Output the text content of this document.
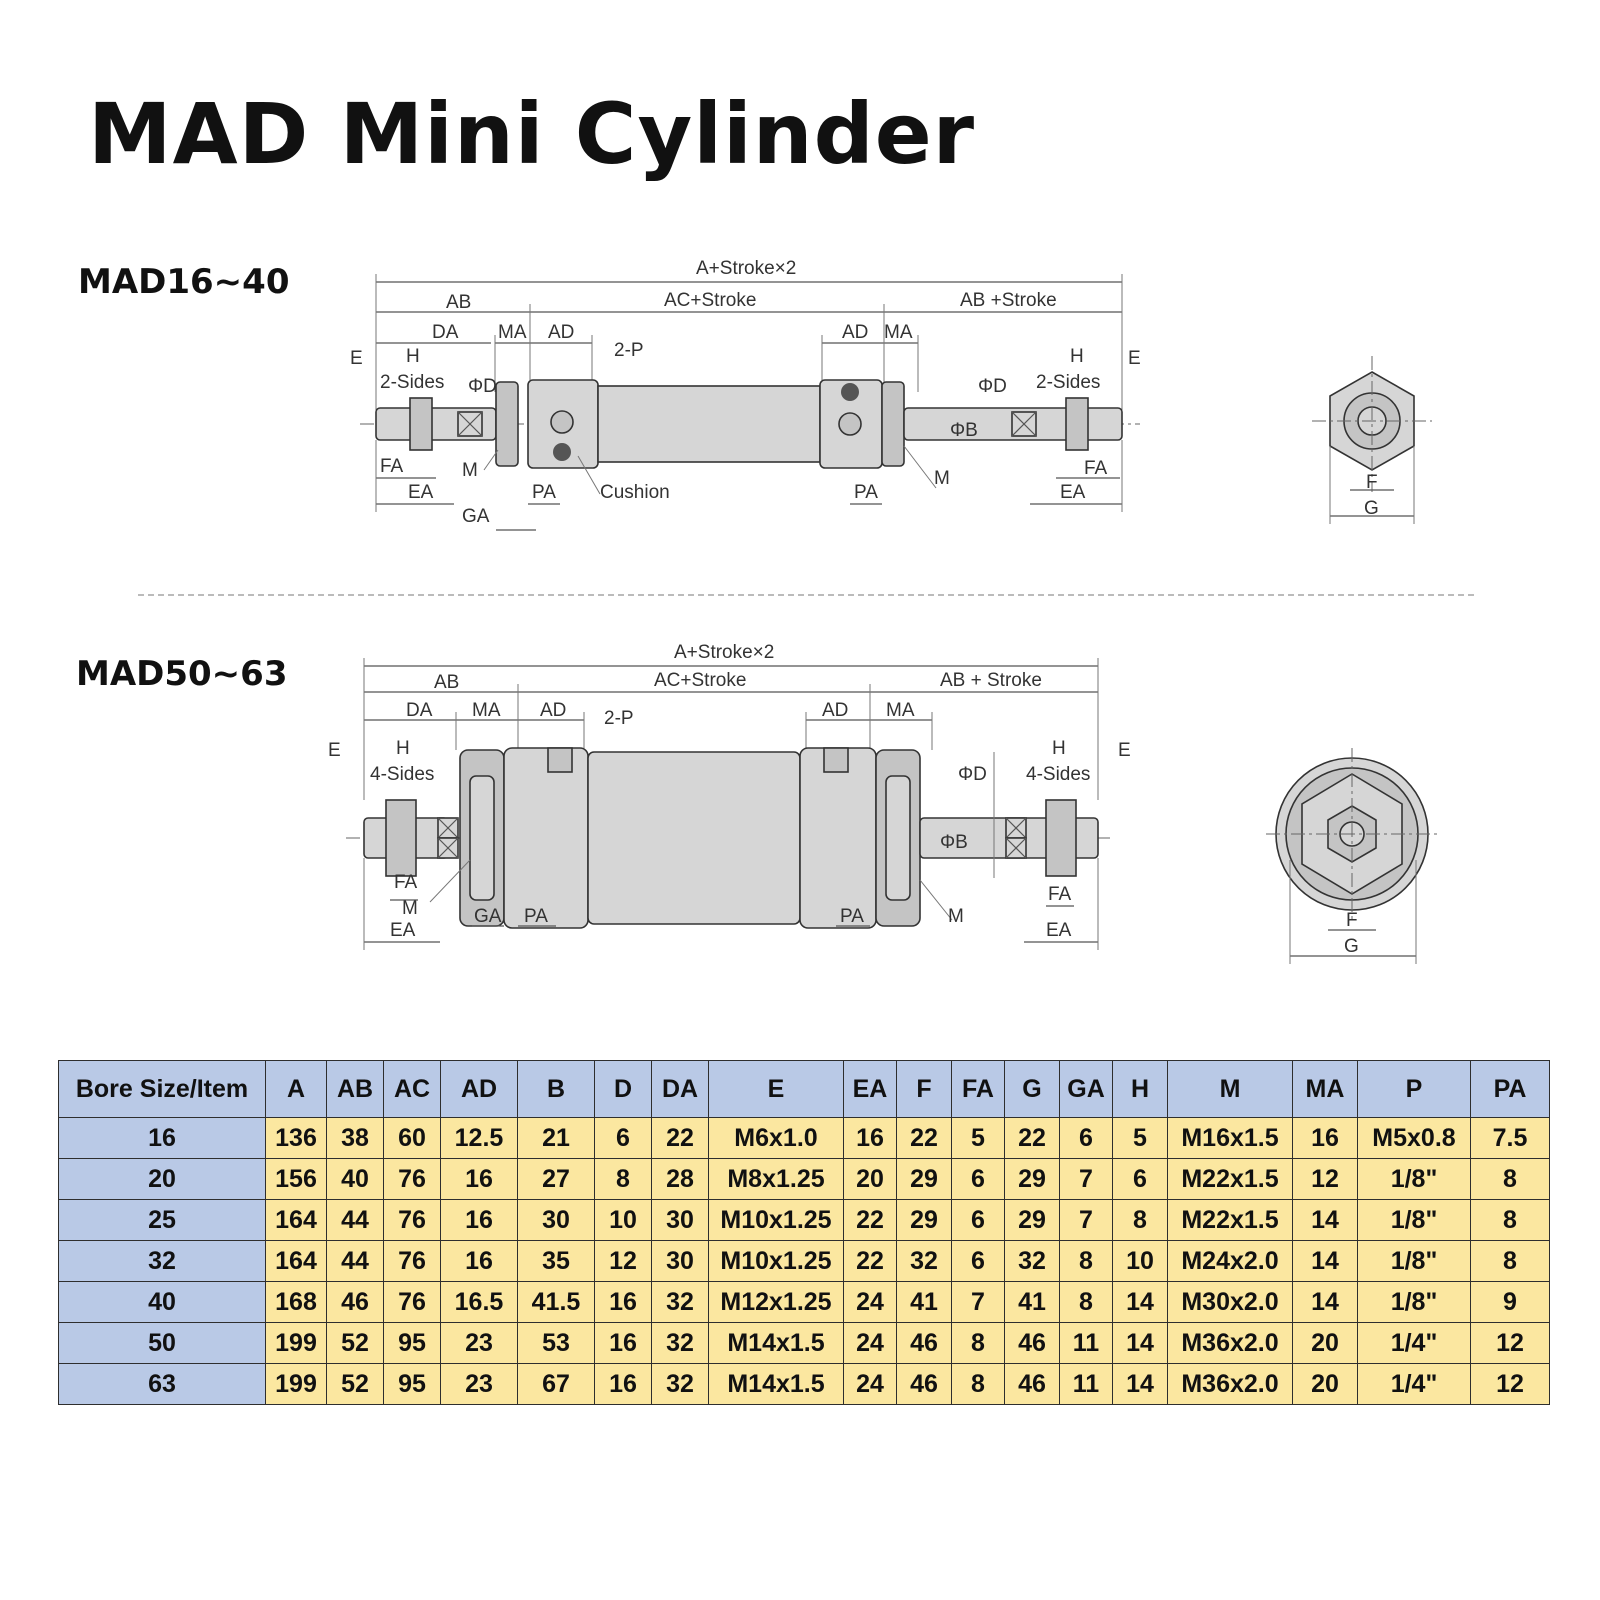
MAD Mini Cylinder
MAD16~40
MAD50~63
A+Stroke×2
AB	AC+Stroke	AB +Stroke
DA MA AD
2-P
AD MA
E H
2-Sides ΦD
H E
ΦD 2-Sides
ΦB
FA	M
EA	PA Cushion
GA
PA
M	FA
EA	F
G
A+Stroke×2
AB	AC+Stroke	AB + Stroke
DA MA AD 2-P	AD MA
E	H
4-Sides	ΦD
H
4-Sides
E
ΦB
FA
M
EA
GA PA	PA	M
FA
EA	F
G
Bore Size/Item	A	AB	AC	AD	B	D	DA	E	EA	F	FA	G	GA	H	M	MA	P	PA
16	136	38	60	12.5	21	6	22	M6x1.0	16	22	5	22	6	5	M16x1.5	16	M5x0.8	7.5
20	156	40	76	16	27	8	28	M8x1.25	20	29	6	29	7	6	M22x1.5	12	1/8"	8
25	164	44	76	16	30	10	30	M10x1.25	22	29	6	29	7	8	M22x1.5	14	1/8"	8
32	164	44	76	16	35	12	30	M10x1.25	22	32	6	32	8	10	M24x2.0	14	1/8"	8
40	168	46	76	16.5	41.5	16	32	M12x1.25	24	41	7	41	8	14	M30x2.0	14	1/8"	9
50	199	52	95	23	53	16	32	M14x1.5	24	46	8	46	11	14	M36x2.0	20	1/4"	12
63	199	52	95	23	67	16	32	M14x1.5	24	46	8	46	11	14	M36x2.0	20	1/4"	12
